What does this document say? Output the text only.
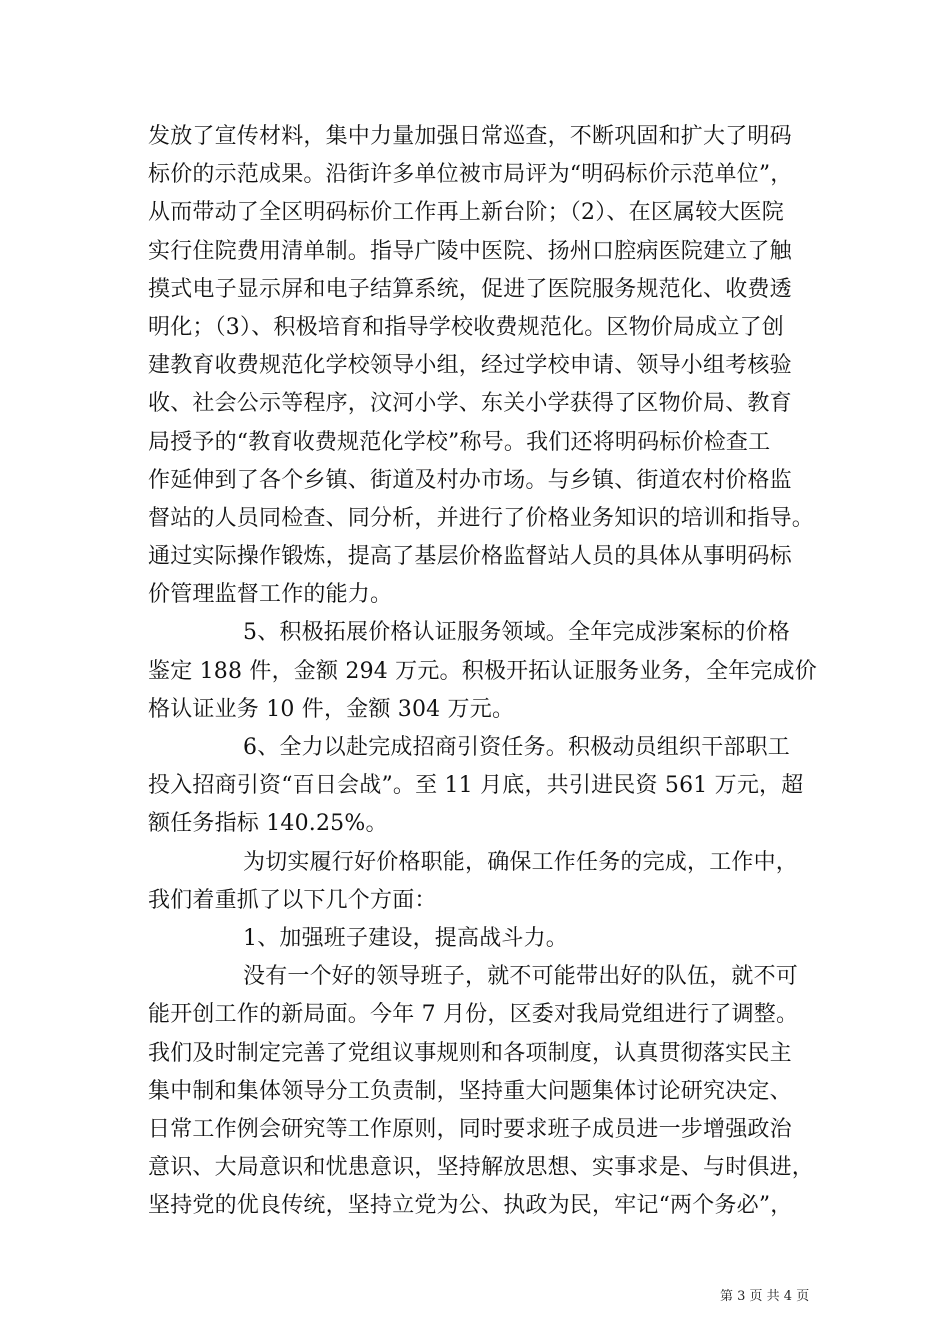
发放了宣传材料，集中力量加强日常巡查，不断巩固和扩大了明码
标价的示范成果。沿街许多单位被市局评为“明码标价示范单位”，
从而带动了全区明码标价工作再上新台阶；（2）、在区属较大医院
实行住院费用清单制。指导广陵中医院、扬州口腔病医院建立了触
摸式电子显示屏和电子结算系统，促进了医院服务规范化、收费透
明化；（3）、积极培育和指导学校收费规范化。区物价局成立了创
建教育收费规范化学校领导小组，经过学校申请、领导小组考核验
收、社会公示等程序，汶河小学、东关小学获得了区物价局、教育
局授予的“教育收费规范化学校”称号。我们还将明码标价检查工
作延伸到了各个乡镇、街道及村办市场。与乡镇、街道农村价格监
督站的人员同检查、同分析，并进行了价格业务知识的培训和指导。
通过实际操作锻炼，提高了基层价格监督站人员的具体从事明码标
价管理监督工作的能力。
5、积极拓展价格认证服务领域。全年完成涉案标的价格
鉴定 188 件，金额 294 万元。积极开拓认证服务业务，全年完成价
格认证业务 10 件，金额 304 万元。
6、全力以赴完成招商引资任务。积极动员组织干部职工
投入招商引资“百日会战”。至 11 月底，共引进民资 561 万元，超
额任务指标 140.25%。
为切实履行好价格职能，确保工作任务的完成，工作中，
我们着重抓了以下几个方面：
1、加强班子建设，提高战斗力。
没有一个好的领导班子，就不可能带出好的队伍，就不可
能开创工作的新局面。今年 7 月份，区委对我局党组进行了调整。
我们及时制定完善了党组议事规则和各项制度，认真贯彻落实民主
集中制和集体领导分工负责制，坚持重大问题集体讨论研究决定、
日常工作例会研究等工作原则，同时要求班子成员进一步增强政治
意识、大局意识和忧患意识，坚持解放思想、实事求是、与时俱进，
坚持党的优良传统，坚持立党为公、执政为民，牢记“两个务必”，
第 3 页 共 4 页
